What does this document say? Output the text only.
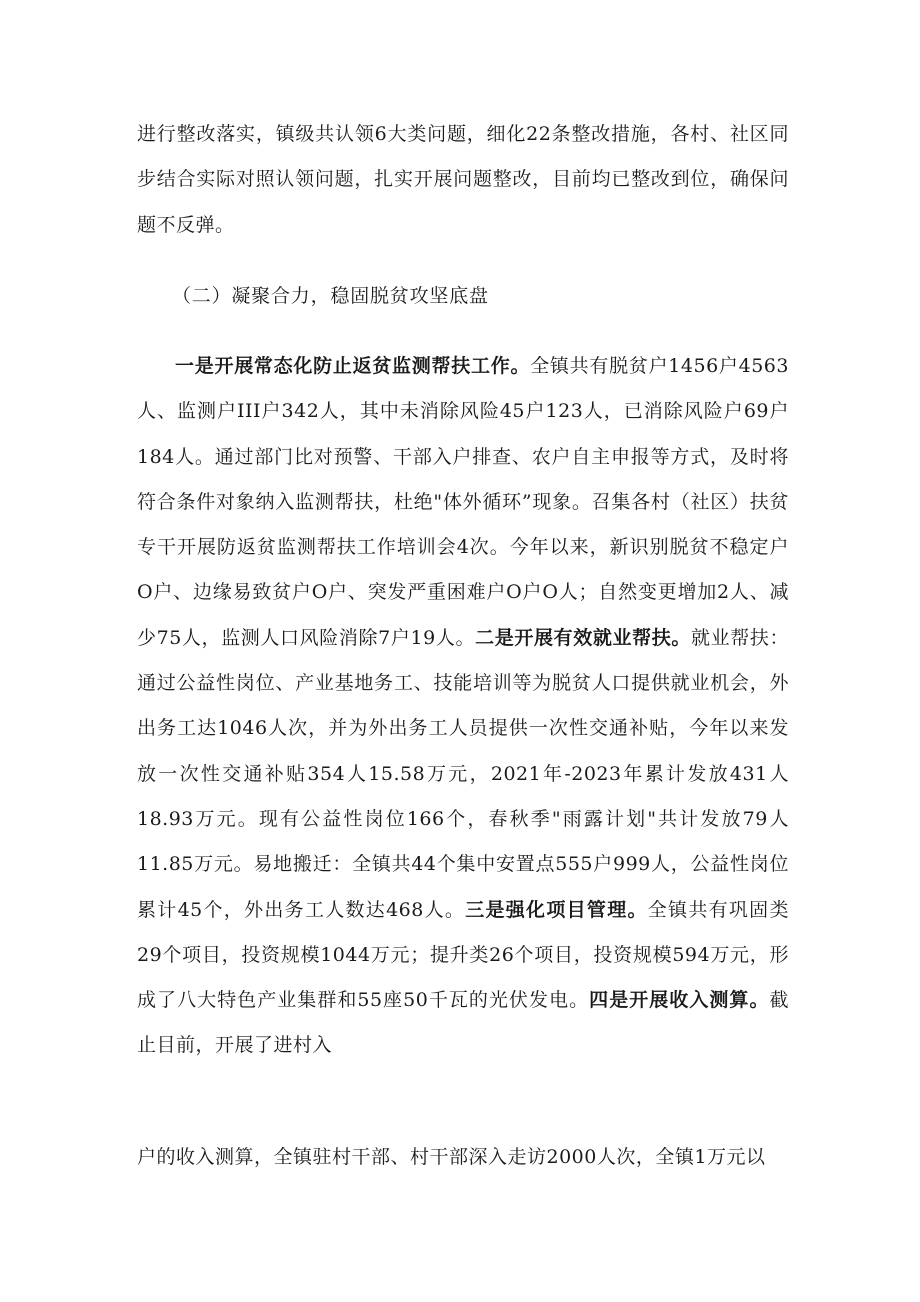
进行整改落实，镇级共认领6大类问题，细化22条整改措施，各村、社区同步结合实际对照认领问题，扎实开展问题整改，目前均已整改到位，确保问题不反弹。

（二）凝聚合力，稳固脱贫攻坚底盘

一是开展常态化防止返贫监测帮扶工作。全镇共有脱贫户1456户4563人、监测户III户342人，其中未消除风险45户123人，已消除风险户69户184人。通过部门比对预警、干部入户排查、农户自主申报等方式，及时将符合条件对象纳入监测帮扶，杜绝"体外循环”现象。召集各村（社区）扶贫专干开展防返贫监测帮扶工作培训会4次。今年以来，新识别脱贫不稳定户O户、边缘易致贫户O户、突发严重困难户O户O人；自然变更增加2人、减少75人，监测人口风险消除7户19人。二是开展有效就业帮扶。就业帮扶：通过公益性岗位、产业基地务工、技能培训等为脱贫人口提供就业机会，外出务工达1046人次，并为外出务工人员提供一次性交通补贴，今年以来发放一次性交通补贴354人15.58万元，2021年-2023年累计发放431人18.93万元。现有公益性岗位166个，春秋季"雨露计划"共计发放79人11.85万元。易地搬迁：全镇共44个集中安置点555户999人，公益性岗位累计45个，外出务工人数达468人。三是强化项目管理。全镇共有巩固类29个项目，投资规模1044万元；提升类26个项目，投资规模594万元，形成了八大特色产业集群和55座50千瓦的光伏发电。四是开展收入测算。截止目前，开展了进村入

户的收入测算，全镇驻村干部、村干部深入走访2000人次，全镇1万元以
